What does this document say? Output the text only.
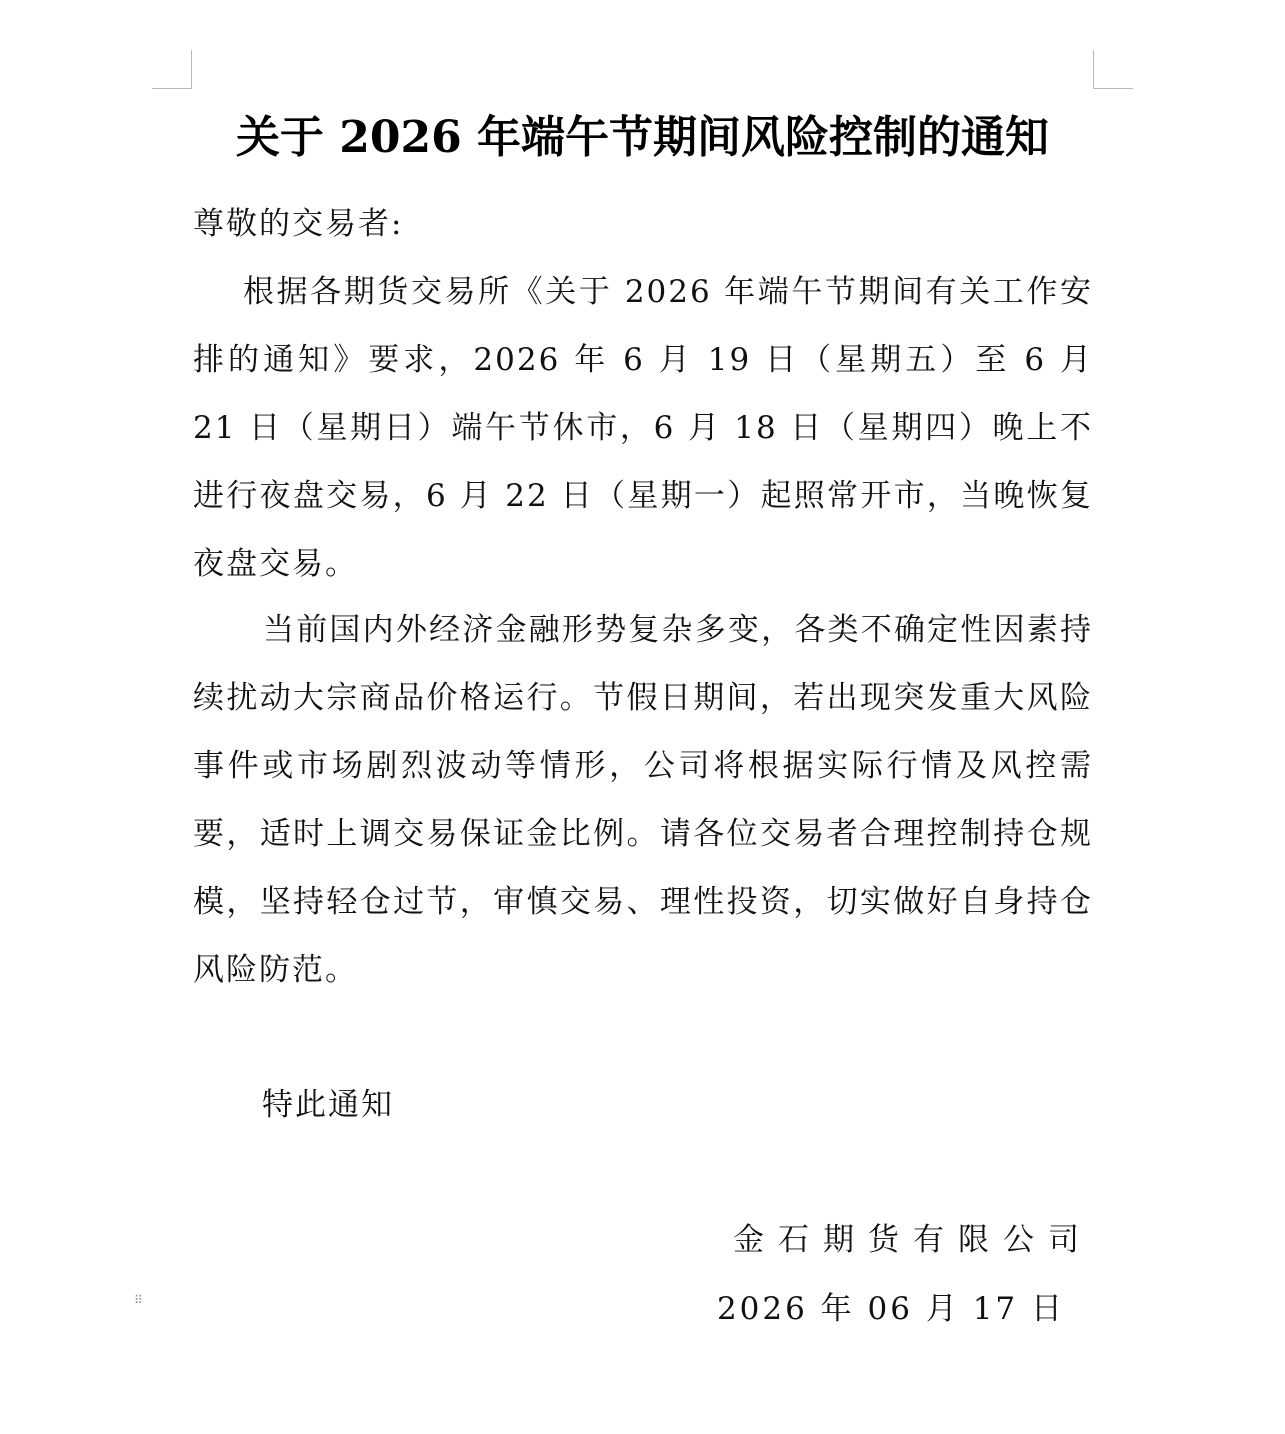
关于 2026 年端午节期间风险控制的通知

尊敬的交易者:

根据各期货交易所《关于 2026 年端午节期间有关工作安排的通知》要求，2026 年 6 月 19 日（星期五）至 6 月 21 日（星期日）端午节休市，6 月 18 日（星期四）晚上不进行夜盘交易，6 月 22 日（星期一）起照常开市，当晚恢复夜盘交易。

当前国内外经济金融形势复杂多变，各类不确定性因素持续扰动大宗商品价格运行。节假日期间，若出现突发重大风险事件或市场剧烈波动等情形，公司将根据实际行情及风控需要，适时上调交易保证金比例。请各位交易者合理控制持仓规模，坚持轻仓过节，审慎交易、理性投资，切实做好自身持仓风险防范。

特此通知

金石期货有限公司

⠿	2026 年 06 月 17 日
